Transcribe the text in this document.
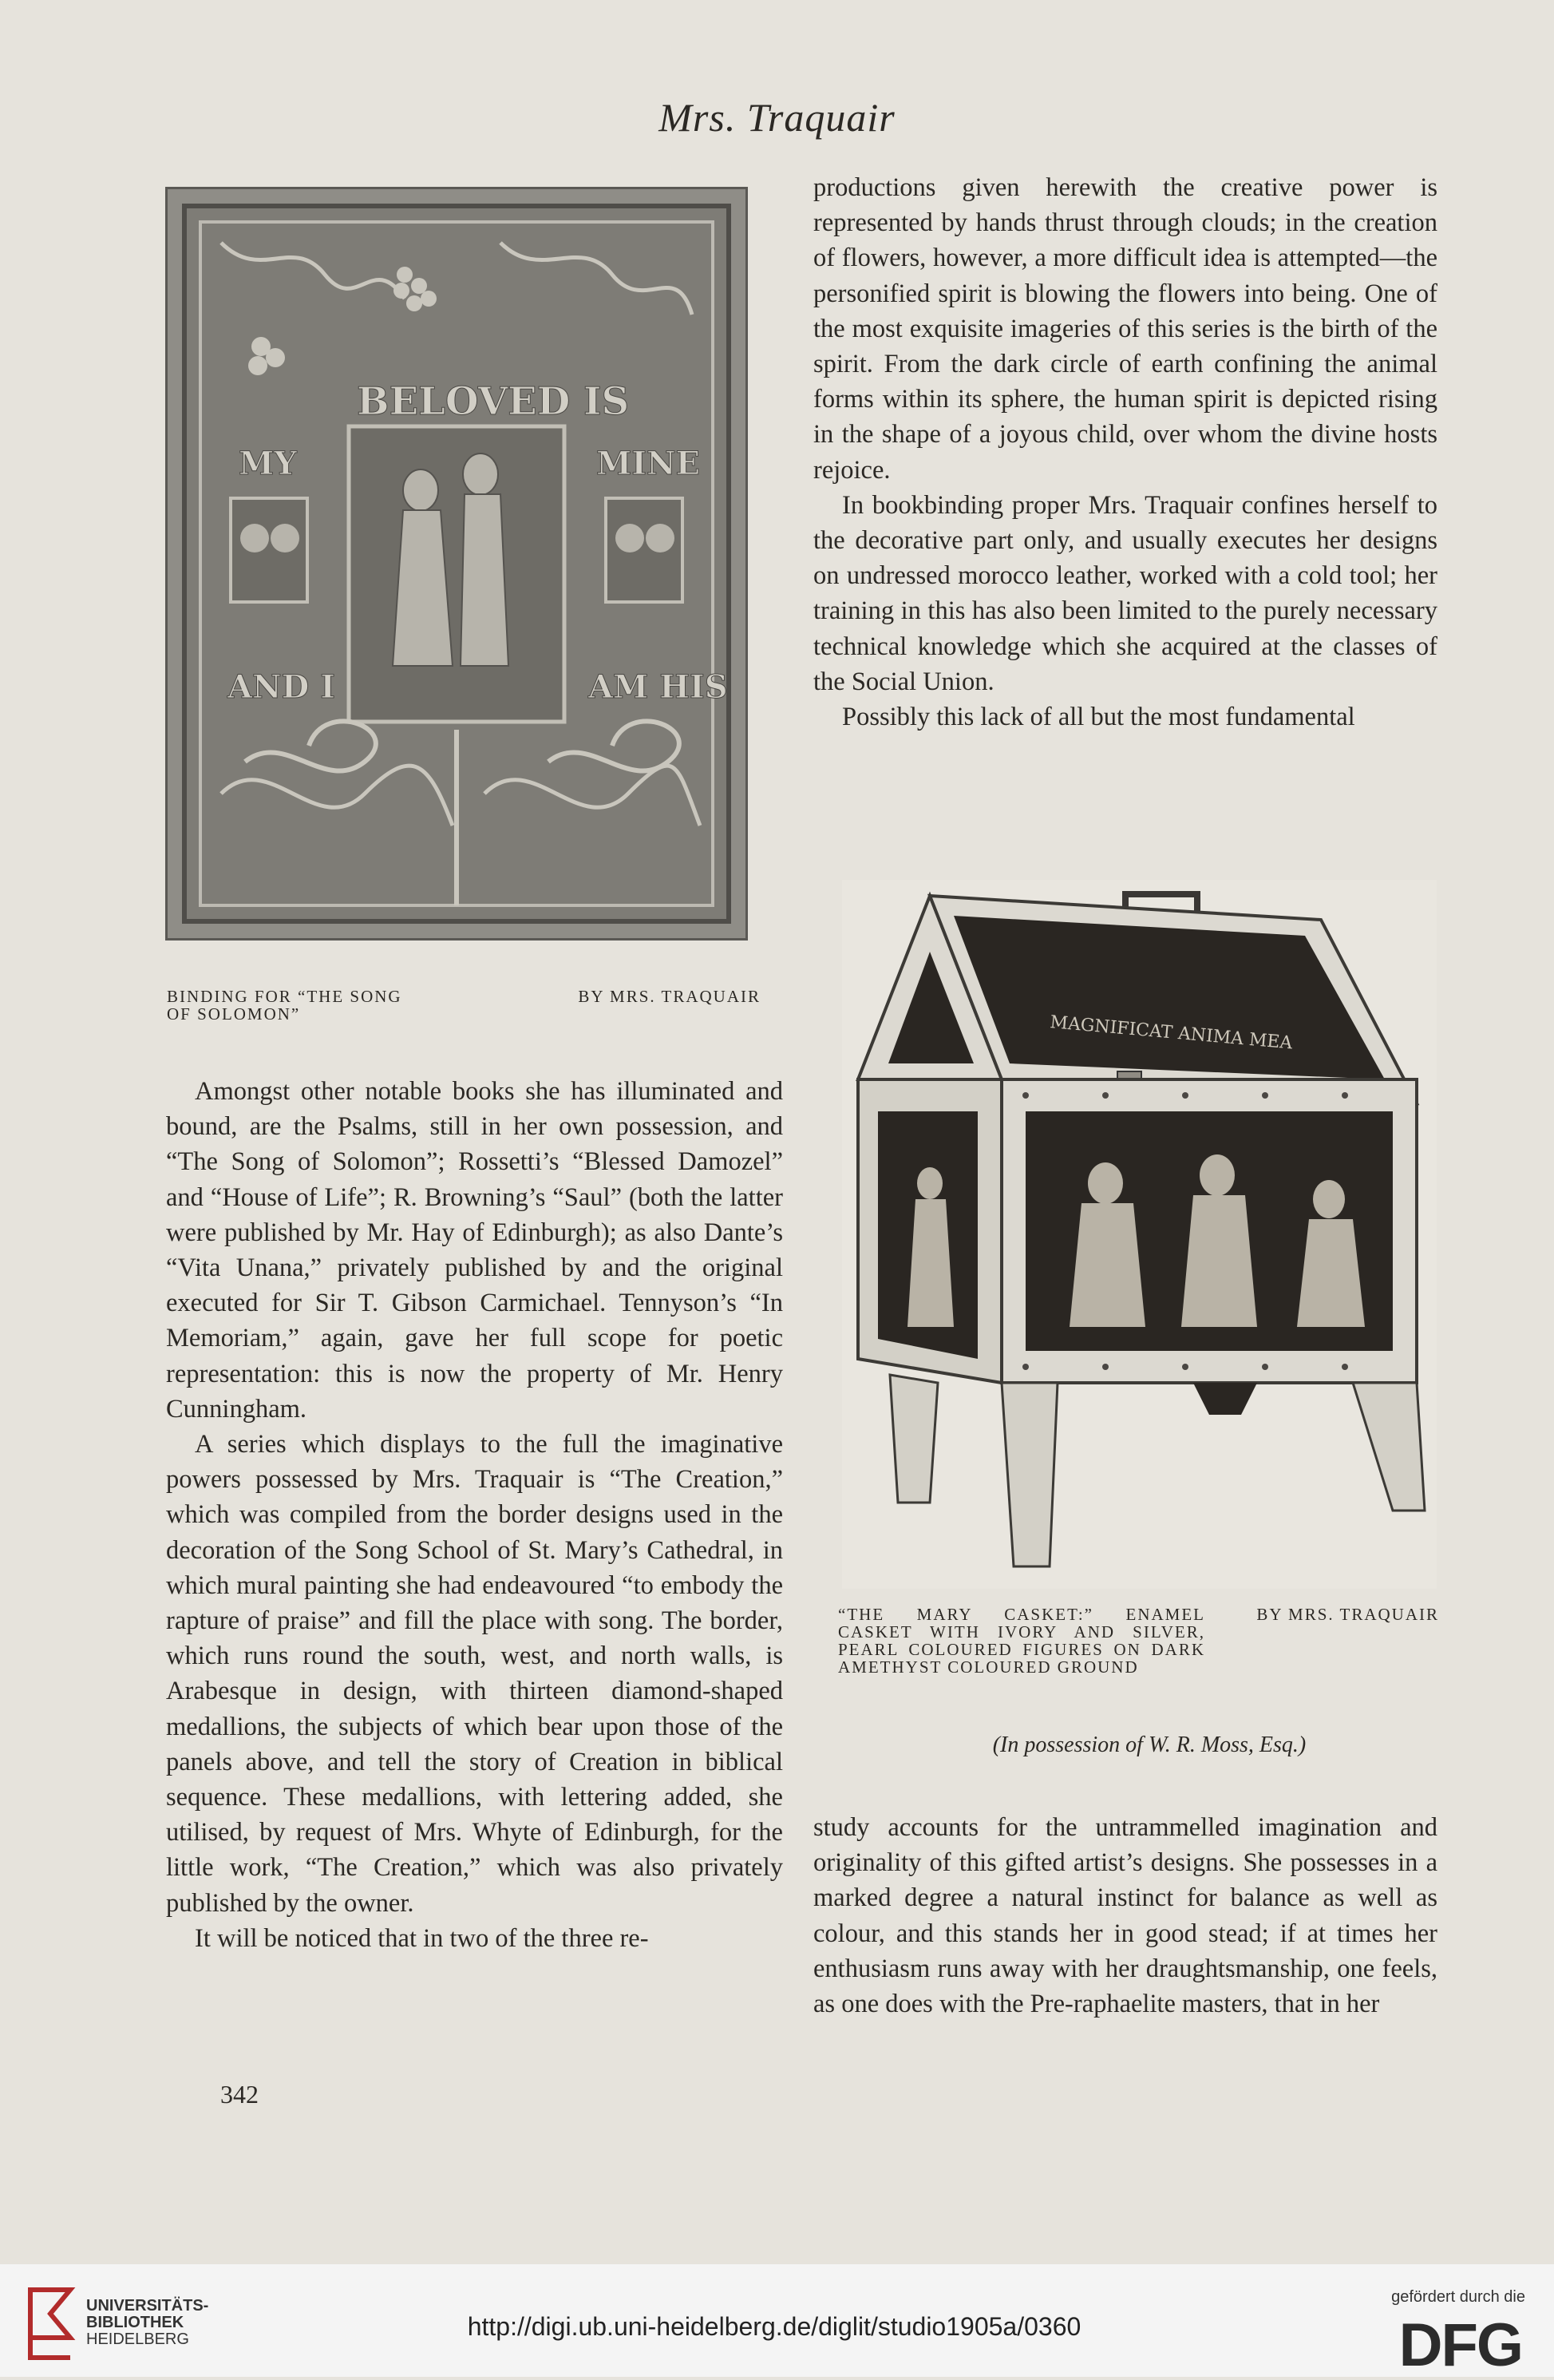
Mrs. Traquair
BELOVED IS
MY	MINE
AND I	AM HIS
BINDING FOR “THE SONG OF SOLOMON”
BY MRS. TRAQUAIR

Amongst other notable books she has illuminated and bound, are the Psalms, still in her own possession, and “The Song of Solomon”; Rossetti’s “Blessed Damozel” and “House of Life”; R. Browning’s “Saul” (both the latter were published by Mr. Hay of Edinburgh); as also Dante’s “Vita Unana,” privately published by and the original executed for Sir T. Gibson Carmichael. Tennyson’s “In Memoriam,” again, gave her full scope for poetic representation: this is now the property of Mr. Henry Cunningham.

A series which displays to the full the imaginative powers possessed by Mrs. Traquair is “The Creation,” which was compiled from the border designs used in the decoration of the Song School of St. Mary’s Cathedral, in which mural painting she had endeavoured “to embody the rapture of praise” and fill the place with song. The border, which runs round the south, west, and north walls, is Arabesque in design, with thirteen diamond-shaped medallions, the subjects of which bear upon those of the panels above, and tell the story of Creation in biblical sequence. These medallions, with lettering added, she utilised, by request of Mrs. Whyte of Edinburgh, for the little work, “The Creation,” which was also privately published by the owner.

It will be noticed that in two of the three re-

productions given herewith the creative power is represented by hands thrust through clouds; in the creation of flowers, however, a more difficult idea is attempted—the personified spirit is blowing the flowers into being. One of the most exquisite imageries of this series is the birth of the spirit. From the dark circle of earth confining the animal forms within its sphere, the human spirit is depicted rising in the shape of a joyous child, over whom the divine hosts rejoice.

In bookbinding proper Mrs. Traquair confines herself to the decorative part only, and usually executes her designs on undressed morocco leather, worked with a cold tool; her training in this has also been limited to the purely necessary technical knowledge which she acquired at the classes of the Social Union.

Possibly this lack of all but the most fundamental

MAGNIFICAT ANIMA MEA
“THE MARY CASKET:” ENAMEL CASKET WITH IVORY AND SILVER, PEARL COLOURED FIGURES ON DARK AMETHYST COLOURED GROUND
BY MRS. TRAQUAIR
(In possession of W. R. Moss, Esq.)

study accounts for the untrammelled imagination and originality of this gifted artist’s designs. She possesses in a marked degree a natural instinct for balance as well as colour, and this stands her in good stead; if at times her enthusiasm runs away with her draughtsmanship, one feels, as one does with the Pre-raphaelite masters, that in her

342
UNIVERSITÄTS-
BIBLIOTHEK
HEIDELBERG	http://digi.ub.uni-heidelberg.de/diglit/studio1905a/0360
gefördert durch die
DFG
